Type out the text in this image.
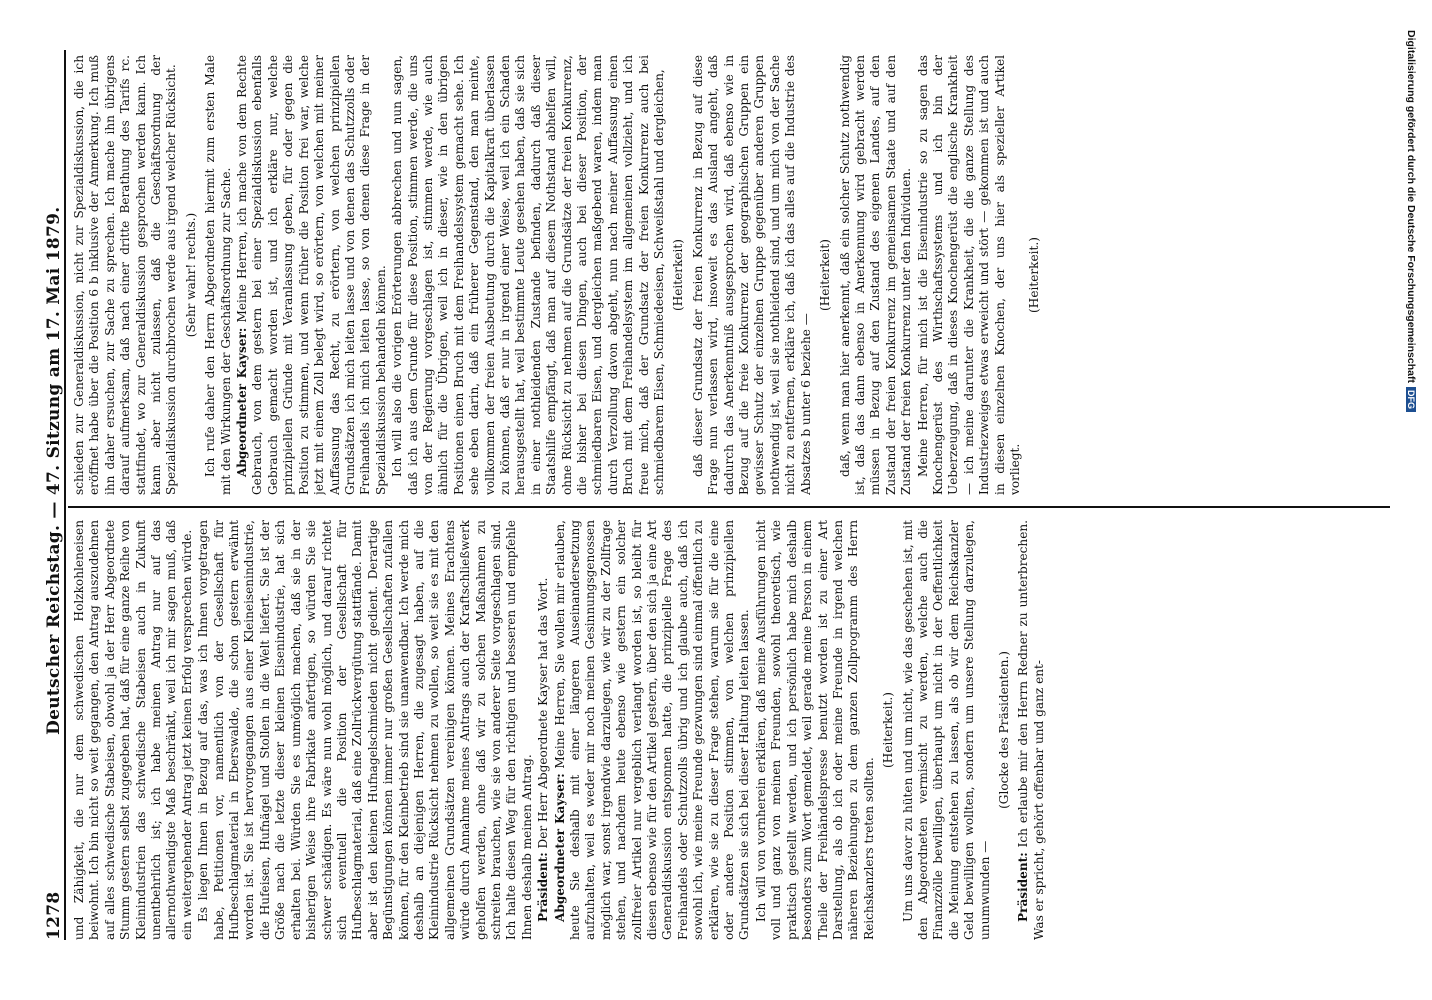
1278
Deutscher Reichstag. — 47. Sitzung am 17. Mai 1879. und Zähigkeit, die nur dem schwedischen Holzkohleneisen beiwohnt. Ich bin nicht so weit gegangen, den Antrag auszudehnen auf alles schwedische Stabeisen, obwohl ja der Herr Abgeordnete Stumm gestern selbst zugegeben hat, daß für eine ganze Reihe von Kleinindustrien das schwedische Stabeisen auch in Zukunft unentbehrlich ist; ich habe meinen Antrag nur auf das allernothwendigste Maß beschränkt, weil ich mir sagen muß, daß ein weitergehender Antrag jetzt keinen Erfolg versprechen würde. Es liegen Ihnen in Bezug auf das, was ich Ihnen vorgetragen habe, Petitionen vor, namentlich von der Gesellschaft für Hufbeschlagmaterial in Eberswalde, die schon gestern erwähnt worden ist. Sie ist hervorgegangen aus einer Kleineisenindustrie, die Hufeisen, Hufnägel und Stollen in die Welt liefert. Sie ist der Größe nach die letzte dieser kleinen Eisenindustrie, hat sich erhalten bei. Würden Sie es unmöglich machen, daß sie in der bisherigen Weise ihre Fabrikate anfertigen, so würden Sie sie schwer schädigen. Es wäre nun wohl möglich, und darauf richtet sich eventuell die Position der Gesellschaft für Hufbeschlagmaterial, daß eine Zollrückvergütung stattfände. Damit aber ist den kleinen Hufnagelschmieden nicht gedient. Derartige Begünstigungen können immer nur großen Gesellschaften zufallen können, für den Kleinbetrieb sind sie unanwendbar. Ich werde mich deshalb an diejenigen Herren, die zugesagt haben, auf die Kleinindustrie Rücksicht nehmen zu wollen, so weit sie es mit den allgemeinen Grundsätzen vereinigen können. Meines Erachtens würde durch Annahme meines Antrags auch der Kraftschließwerk geholfen werden, ohne daß wir zu solchen Maßnahmen zu schreiten brauchen, wie sie von anderer Seite vorgeschlagen sind. Ich halte diesen Weg für den richtigen und besseren und empfehle Ihnen deshalb meinen Antrag. Präsident: Der Herr Abgeordnete Kayser hat das Wort. Abgeordneter Kayser: Meine Herren, Sie wollen mir erlauben, heute Sie deshalb mit einer längeren Auseinandersetzung aufzuhalten, weil es weder mir noch meinen Gesinnungsgenossen möglich war, sonst irgendwie darzulegen, wie wir zu der Zollfrage stehen, und nachdem heute ebenso wie gestern ein solcher zollfreier Artikel nur vergeblich verlangt worden ist, so bleibt für diesen ebenso wie für den Artikel gestern, über den sich ja eine Art Generaldiskussion entsponnen hatte, die prinzipielle Frage des Freihandels oder Schutzzolls übrig und ich glaube auch, daß ich sowohl ich, wie meine Freunde gezwungen sind einmal öffentlich zu erklären, wie sie zu dieser Frage stehen, warum sie für die eine oder andere Position stimmen, von welchen prinzipiellen Grundsätzen sie sich bei dieser Haltung leiten lassen. Ich will von vornherein erklären, daß meine Ausführungen nicht voll und ganz von meinen Freunden, sowohl theoretisch, wie praktisch gestellt werden, und ich persönlich habe mich deshalb besonders zum Wort gemeldet, weil gerade meine Person in einem Theile der Freihändelspresse benutzt worden ist zu einer Art Darstellung, als ob ich oder meine Freunde in irgend welchen näheren Beziehungen zu dem ganzen Zollprogramm des Herrn Reichskanzlers treten sollten.

(Heiterkeit.) Um uns davor zu hüten und um nicht, wie das geschehen ist, mit den Abgeordneten vermischt zu werden, welche auch die Finanzzölle bewilligen, überhaupt um nicht in der Oeffentlichkeit die Meinung entstehen zu lassen, als ob wir dem Reichskanzler Geld bewilligen wollten, sondern um unsere Stellung darzulegen, unumwunden —

(Glocke des Präsidenten.)

Präsident: Ich erlaube mir den Herrn Redner zu unterbrechen. Was er spricht, gehört offenbar und ganz ent-

schieden zur Generaldiskussion, nicht zur Spezialdiskussion, die ich eröffnet habe über die Position 6 b inklusive der Anmerkung. Ich muß ihn daher ersuchen, zur Sache zu sprechen. Ich mache ihn übrigens darauf aufmerksam, daß nach einer dritte Berathung des Tarifs rc. stattfindet, wo zur Generaldiskussion gesprochen werden kann. Ich kann aber nicht zulassen, daß die Geschäftsordnung der Spezialdiskussion durchbrochen werde aus irgend welcher Rücksicht. (Sehr wahr! rechts.) Ich rufe daher den Herrn Abgeordneten hiermit zum ersten Male mit den Wirkungen der Geschäftsordnung zur Sache. Abgeordneter Kayser: Meine Herren, ich mache von dem Rechte Gebrauch, von dem gestern bei einer Spezialdiskussion ebenfalls Gebrauch gemacht worden ist, und ich erkläre nur, welche prinzipiellen Gründe mit Veranlassung geben, für oder gegen die Position zu stimmen, und wenn früher die Position frei war, welche jetzt mit einem Zoll belegt wird, so erörtern, von welchen mit meiner Auffassung das Recht, zu erörtern, von welchen prinzipiellen Grundsätzen ich mich leiten lasse und von denen das Schutzzolls oder Freihandels ich mich leiten lasse, so von denen diese Frage in der Spezialdiskussion behandeln können. Ich will also die vorigen Erörterungen abbrechen und nun sagen, daß ich aus dem Grunde für diese Position, stimmen werde, die uns von der Regierung vorgeschlagen ist, stimmen werde, wie auch ähnlich für die Übrigen, weil ich in dieser, wie in den übrigen Positionen einen Bruch mit dem Freihandelssystem gemacht sehe. Ich sehe eben darin, daß ein früherer Gegenstand, den man meinte, vollkommen der freien Ausbeutung durch die Kapitalkraft überlassen zu können, daß er nur in irgend einer Weise, weil ich ein Schaden herausgestellt hat, weil bestimmte Leute gesehen haben, daß sie sich in einer nothleidenden Zustande befinden, dadurch daß dieser Staatshilfe empfängt, daß man auf diesem Nothstand abhelfen will, ohne Rücksicht zu nehmen auf die Grundsätze der freien Konkurrenz, die bisher bei diesen Dingen, auch bei dieser Position, der schmiedbaren Eisen, und dergleichen maßgebend waren, indem man durch Verzollung davon abgeht, nun nach meiner Auffassung einen Bruch mit dem Freihandelsystem im allgemeinen vollzieht, und ich freue mich, daß der Grundsatz der freien Konkurrenz auch bei schmiedbarem Eisen, Schmiedeeisen, Schweißstahl und dergleichen, (Heiterkeit) daß dieser Grundsatz der freien Konkurrenz in Bezug auf diese Frage nun verlassen wird, insoweit es das Ausland angeht, daß dadurch das Anerkenntniß ausgesprochen wird, daß ebenso wie in Bezug auf die freie Konkurrenz der geographischen Gruppen ein gewisser Schutz der einzelnen Gruppe gegenüber anderen Gruppen nothwendig ist, weil sie nothleidend sind, und um mich von der Sache nicht zu entfernen, erkläre ich, daß ich das alles auf die Industrie des Absatzes b unter 6 beziehe —

(Heiterkeit) daß, wenn man hier anerkennt, daß ein solcher Schutz nothwendig ist, daß das dann ebenso in Anerkennung wird gebracht werden müssen in Bezug auf den Zustand des eigenen Landes, auf den Zustand der freien Konkurrenz im gemeinsamen Staate und auf den Zustand der freien Konkurrenz unter den Individuen. Meine Herren, für mich ist die Eisenindustrie so zu sagen das Knochengerüst des Wirthschaftssystems und ich bin der Ueberzeugung, daß in dieses Knochengerüst die englische Krankheit — ich meine darunter die Krankheit, die die ganze Stellung des Industriezweiges etwas erweicht und stört — gekommen ist und auch in diesen einzelnen Knochen, der uns hier als spezieller Artikel vorliegt.

(Heiterkeit.)	Digitalisierung gefördert durch die Deutsche ForschungsgemeinschaftDFG
